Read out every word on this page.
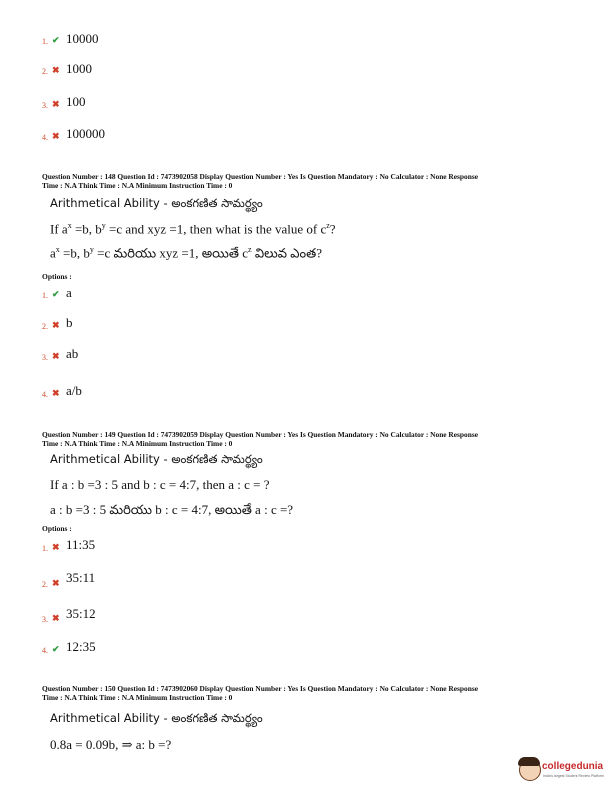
1. ✔ 10000
2. ✖ 1000
3. ✖ 100
4. ✖ 100000
Question Number : 148 Question Id : 7473902058 Display Question Number : Yes Is Question Mandatory : No Calculator : None Response
Time : N.A Think Time : N.A Minimum Instruction Time : 0
Arithmetical Ability - అంకగణిత సామర్థ్యం
If $a^x =b$, $b^y =c$ and xyz =1, then what is the value of $c^z$?
$a^x =b$, $b^y =c$ మరియు xyz =1, అయితే $c^z$ విలువ ఎంత?
Options :
1. ✔ a
2. ✖ b
3. ✖ ab
4. ✖ a/b
Question Number : 149 Question Id : 7473902059 Display Question Number : Yes Is Question Mandatory : No Calculator : None Response
Time : N.A Think Time : N.A Minimum Instruction Time : 0
Arithmetical Ability - అంకగణిత సామర్థ్యం
If a : b =3 : 5 and b : c = 4:7, then a : c = ?
a : b =3 : 5 మరియు b : c = 4:7, అయితే a : c =?
Options :
1. ✖ 11:35
2. ✖ 35:11
3. ✖ 35:12
4. ✔ 12:35
Question Number : 150 Question Id : 7473902060 Display Question Number : Yes Is Question Mandatory : No Calculator : None Response
Time : N.A Think Time : N.A Minimum Instruction Time : 0
Arithmetical Ability - అంకగణిత సామర్థ్యం
0.8a = 0.09b, ⇒ a: b =?
collegedunia
India's largest Student Review Platform
